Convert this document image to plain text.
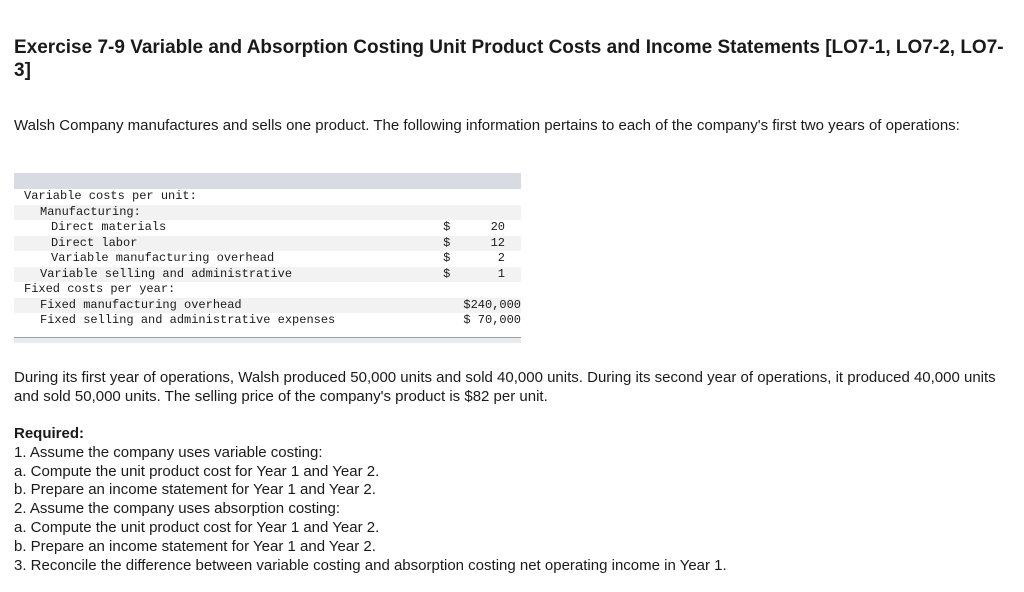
Exercise 7-9 Variable and Absorption Costing Unit Product Costs and Income Statements [LO7-1, LO7-2, LO7-3]

Walsh Company manufactures and sells one product. The following information pertains to each of the company's first two years of operations:

Variable costs per unit:		
Manufacturing:		
Direct materials	$	20
Direct labor	$	12
Variable manufacturing overhead	$	2
Variable selling and administrative	$	1
Fixed costs per year:		
Fixed manufacturing overhead		$240,000
Fixed selling and administrative expenses		$ 70,000

During its first year of operations, Walsh produced 50,000 units and sold 40,000 units. During its second year of operations, it produced 40,000 units and sold 50,000 units. The selling price of the company's product is $82 per unit.

Required:
1. Assume the company uses variable costing:
a. Compute the unit product cost for Year 1 and Year 2.
b. Prepare an income statement for Year 1 and Year 2.
2. Assume the company uses absorption costing:
a. Compute the unit product cost for Year 1 and Year 2.
b. Prepare an income statement for Year 1 and Year 2.
3. Reconcile the difference between variable costing and absorption costing net operating income in Year 1.
